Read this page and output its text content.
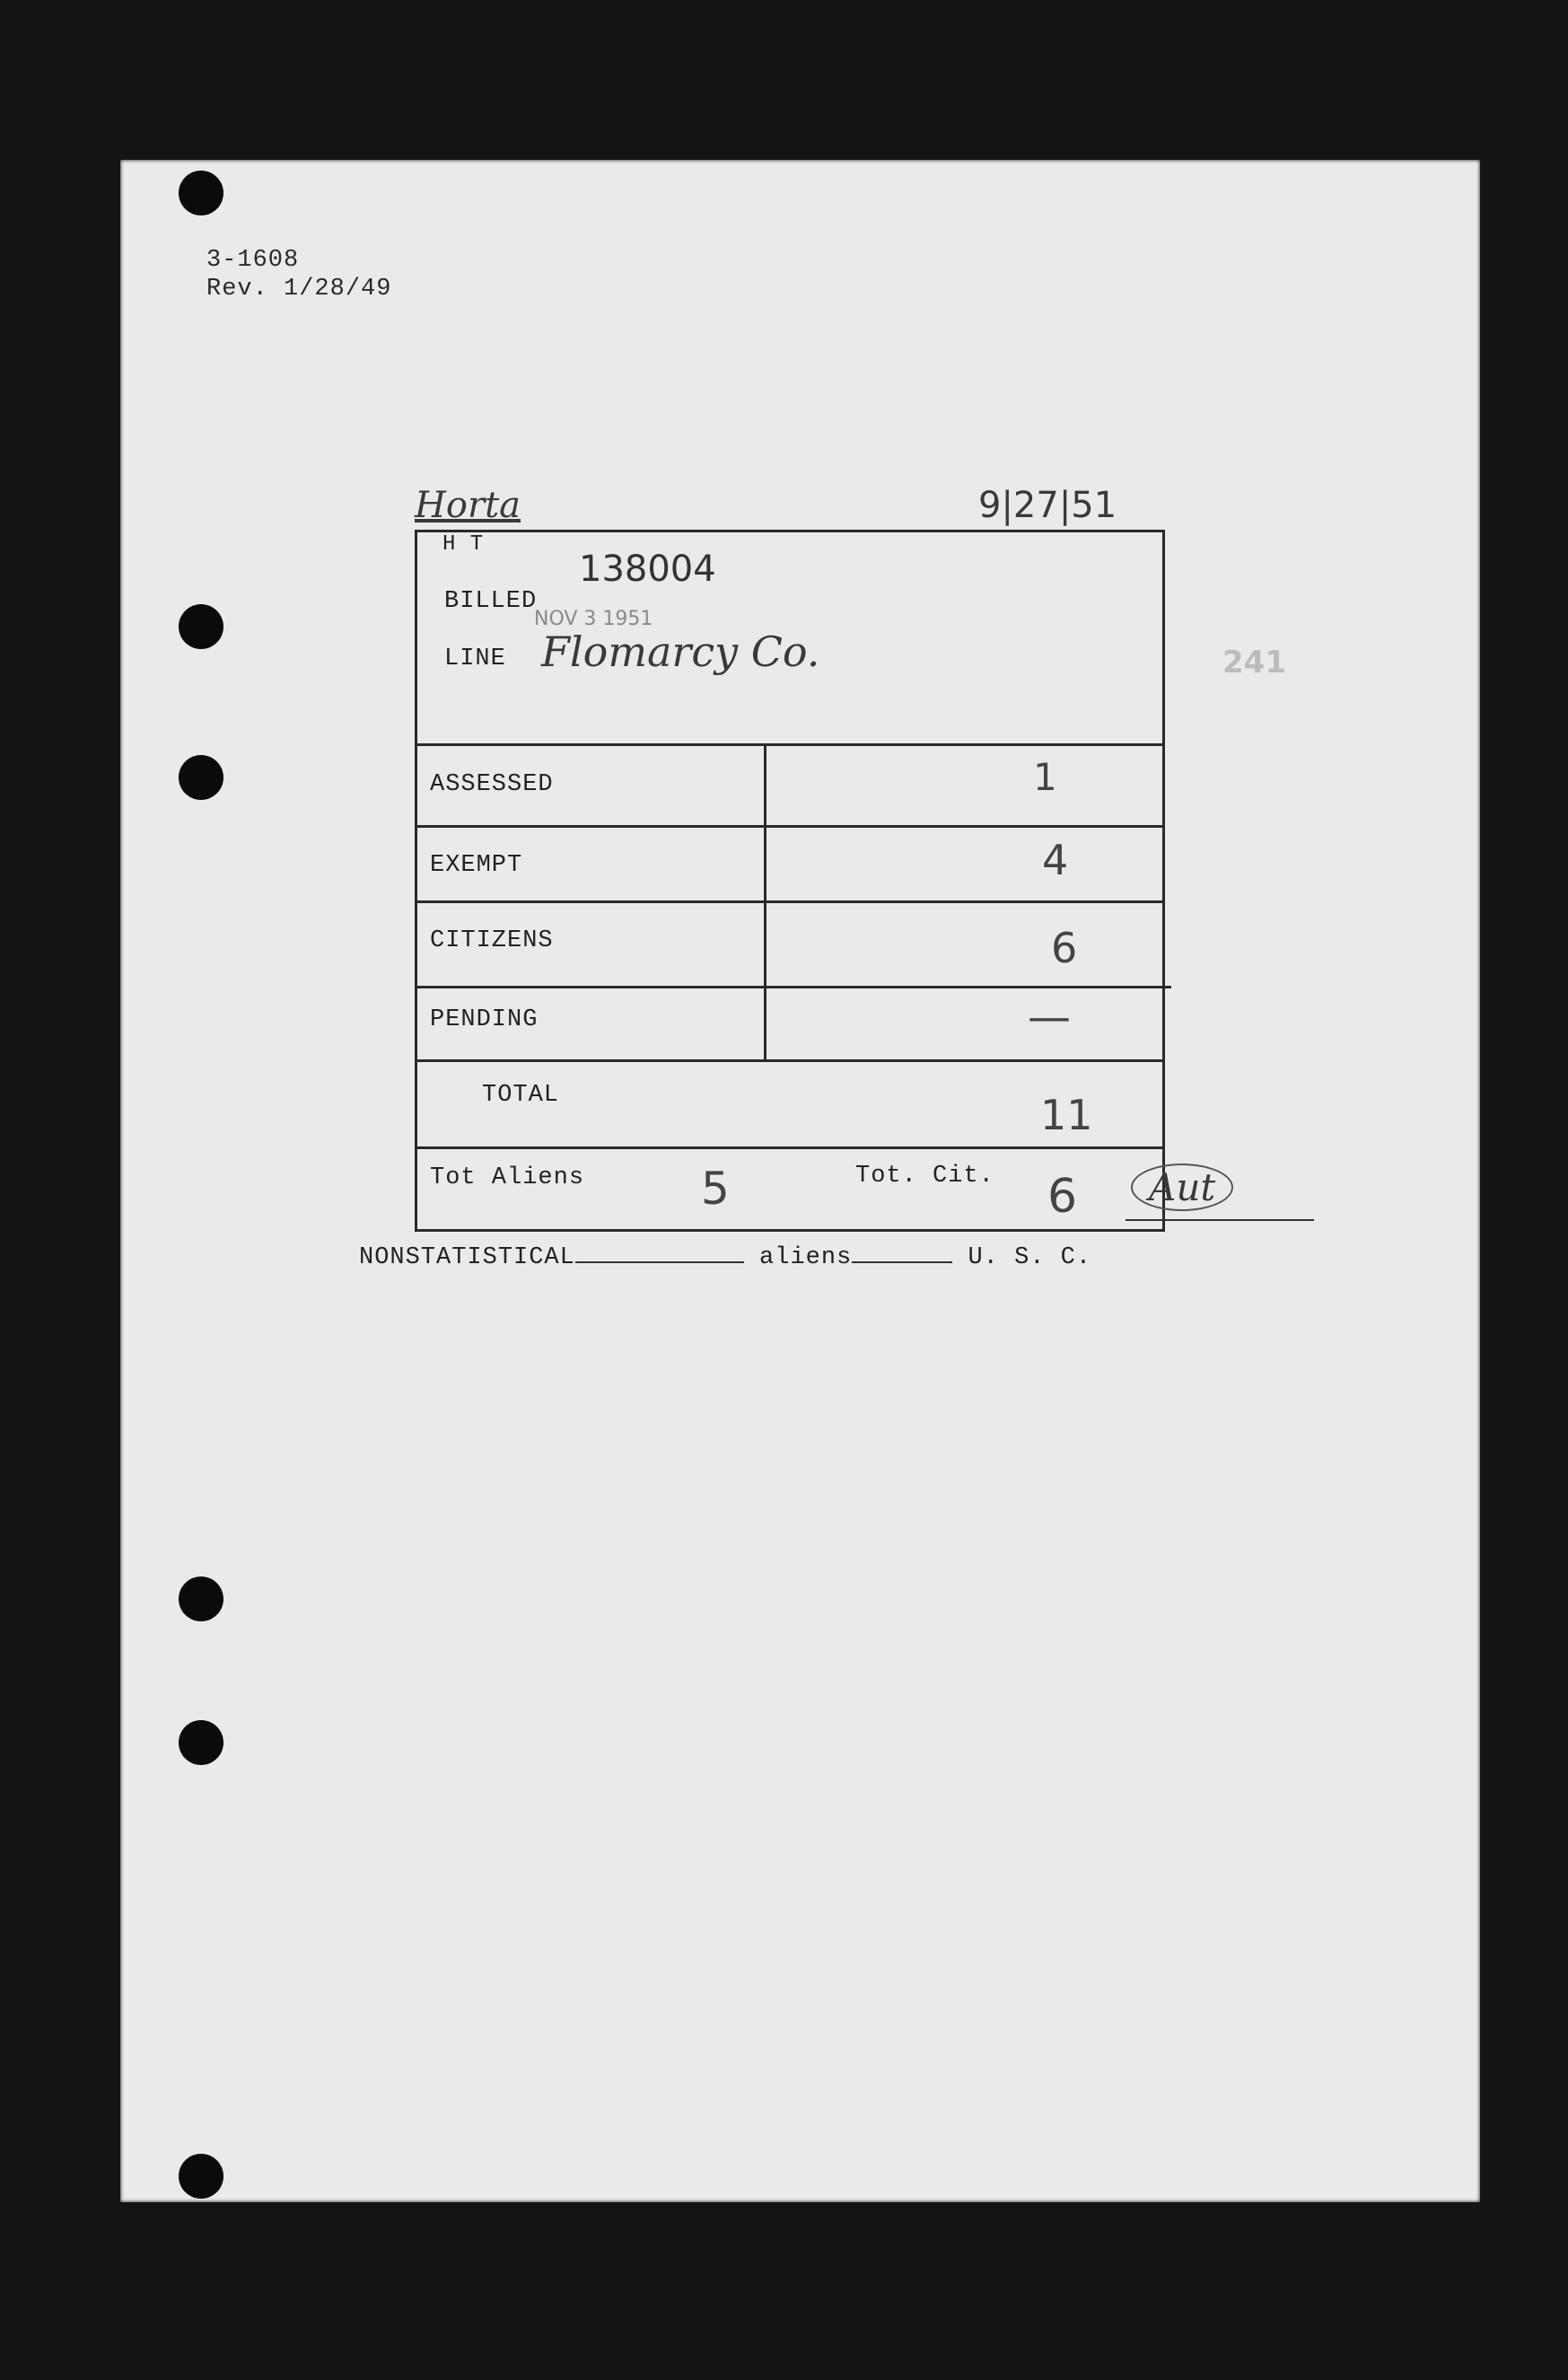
3-1608
Rev. 1/28/49
Horta	9|27|51
241
H T
138004
BILLED
NOV 3 1951
LINE Flomarcy Co.
ASSESSED	1
EXEMPT	4
CITIZENS	6
PENDING	—
TOTAL	11
Tot Aliens	5	Tot. Cit. 6	Aut
NONSTATISTICAL	aliens	U. S. C.
